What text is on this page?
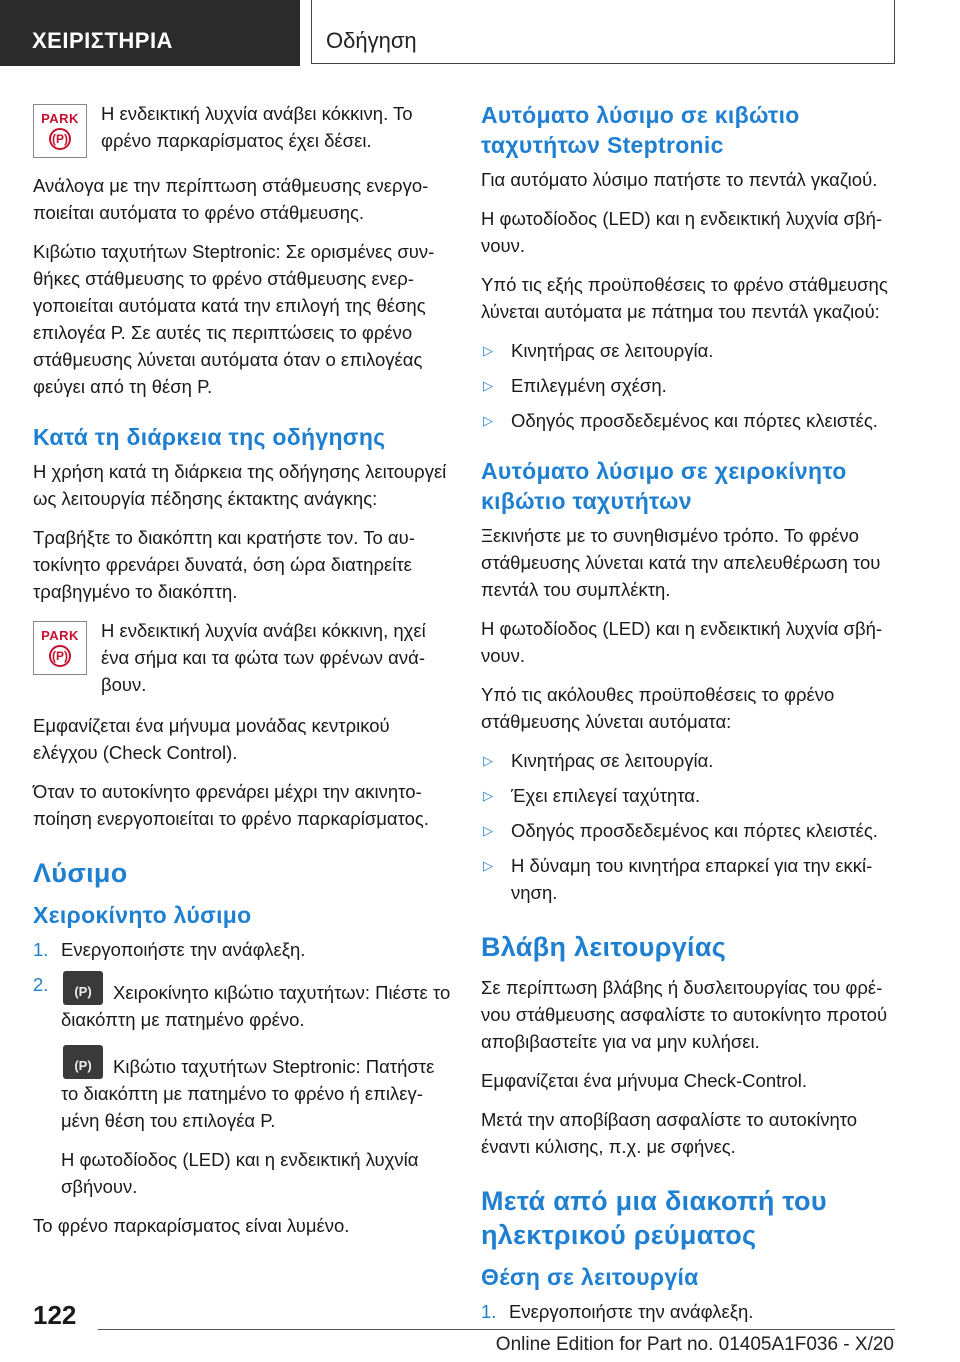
ΧΕΙΡΙΣΤΗΡΙΑ	Οδήγηση
PARK
(P)

Η ενδεικτική λυχνία ανάβει κόκκινη. Το φρένο παρκαρίσματος έχει δέσει.

Ανάλογα με την περίπτωση στάθμευσης ενεργοποιείται αυτόματα το φρένο στάθμευσης.

Κιβώτιο ταχυτήτων Steptronic: Σε ορισμένες συνθήκες στάθμευσης το φρένο στάθμευσης ενεργοποιείται αυτόματα κατά την επιλογή της θέσης επιλογέα P. Σε αυτές τις περιπτώσεις το φρένο στάθμευσης λύνεται αυτόματα όταν ο επιλογέας φεύγει από τη θέση P.

Κατά τη διάρκεια της οδήγησης

Η χρήση κατά τη διάρκεια της οδήγησης λειτουργεί ως λειτουργία πέδησης έκτακτης ανάγκης:

Τραβήξτε το διακόπτη και κρατήστε τον. Το αυτοκίνητο φρενάρει δυνατά, όση ώρα διατηρείτε τραβηγμένο το διακόπτη.

PARK
(P)

Η ενδεικτική λυχνία ανάβει κόκκινη, ηχεί ένα σήμα και τα φώτα των φρένων ανάβουν.

Εμφανίζεται ένα μήνυμα μονάδας κεντρικού ελέγχου (Check Control).

Όταν το αυτοκίνητο φρενάρει μέχρι την ακινητοποίηση ενεργοποιείται το φρένο παρκαρίσματος.

Λύσιμο
Χειροκίνητο λύσιμο
1. Ενεργοποιήστε την ανάφλεξη.
2.
(P)	Χειροκίνητο κιβώτιο ταχυτήτων: Πιέστε το διακόπτη με πατημένο φρένο.

(P)Κιβώτιο ταχυτήτων Steptronic: Πατήστε το διακόπτη με πατημένο το φρένο ή επιλεγμένη θέση του επιλογέα P.

Η φωτοδίοδος (LED) και η ενδεικτική λυχνία σβήνουν.

Το φρένο παρκαρίσματος είναι λυμένο.

Αυτόματο λύσιμο σε κιβώτιο ταχυτήτων Steptronic

Για αυτόματο λύσιμο πατήστε το πεντάλ γκαζιού.

Η φωτοδίοδος (LED) και η ενδεικτική λυχνία σβήνουν.

Υπό τις εξής προϋποθέσεις το φρένο στάθμευσης λύνεται αυτόματα με πάτημα του πεντάλ γκαζιού:

▷ Κινητήρας σε λειτουργία.
▷ Επιλεγμένη σχέση.
▷ Οδηγός προσδεδεμένος και πόρτες κλειστές.
Αυτόματο λύσιμο σε χειροκίνητο κιβώτιο ταχυτήτων

Ξεκινήστε με το συνηθισμένο τρόπο. Το φρένο στάθμευσης λύνεται κατά την απελευθέρωση του πεντάλ του συμπλέκτη.

Η φωτοδίοδος (LED) και η ενδεικτική λυχνία σβήνουν.

Υπό τις ακόλουθες προϋποθέσεις το φρένο στάθμευσης λύνεται αυτόματα:

▷ Κινητήρας σε λειτουργία.
▷ Έχει επιλεγεί ταχύτητα.
▷ Οδηγός προσδεδεμένος και πόρτες κλειστές.
▷ Η δύναμη του κινητήρα επαρκεί για την εκκίνηση.
Βλάβη λειτουργίας

Σε περίπτωση βλάβης ή δυσλειτουργίας του φρένου στάθμευσης ασφαλίστε το αυτοκίνητο προτού αποβιβαστείτε για να μην κυλήσει.

Εμφανίζεται ένα μήνυμα Check-Control.

Μετά την αποβίβαση ασφαλίστε το αυτοκίνητο έναντι κύλισης, π.χ. με σφήνες.

Μετά από μια διακοπή του ηλεκτρικού ρεύματος
Θέση σε λειτουργία
1. Ενεργοποιήστε την ανάφλεξη.
122
Online Edition for Part no. 01405A1F036 - X/20
